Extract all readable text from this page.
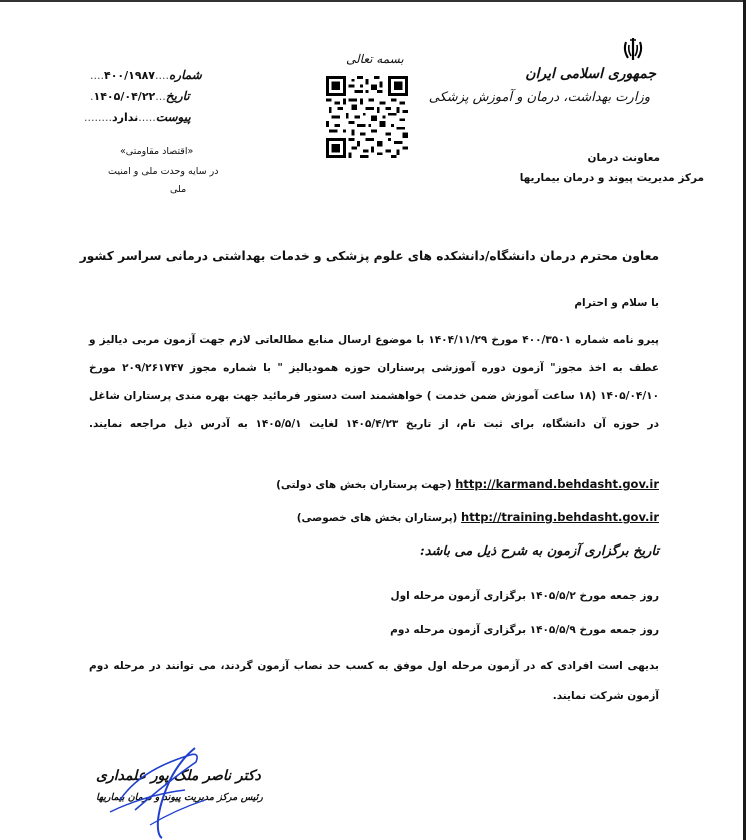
جمهوری اسلامی ایران
وزارت بهداشت، درمان و آموزش پزشکی
معاونت درمان
مرکز مدیریت پیوند و درمان بیماریها
بسمه تعالی
شماره....۴۰۰/۱۹۸۷....
تاریخ...۱۴۰۵/۰۴/۲۲.
پیوست.....ندارد........
«اقتصاد مقاومتی»
در سایه وحدت ملی و امنیت
ملی
معاون محترم درمان دانشگاه/دانشکده های علوم پزشکی و خدمات بهداشتی درمانی سراسر کشور
با سلام و احترام
پیرو نامه شماره ۴۰۰/۳۵۰۱ مورخ ۱۴۰۴/۱۱/۲۹ با موضوع ارسال منابع مطالعاتی لازم جهت آزمون مربی دیالیز و
عطف به اخذ مجوز" آزمون دوره آموزشی پرستاران حوزه همودیالیز " با شماره مجوز ۲۰۹/۲۶۱۷۴۷ مورخ
۱۴۰۵/۰۴/۱۰ (۱۸ ساعت آموزش ضمن خدمت ) خواهشمند است دستور فرمائید جهت بهره مندی پرستاران شاغل
در حوزه آن دانشگاه، برای ثبت نام، از تاریخ ۱۴۰۵/۴/۲۳ لغایت ۱۴۰۵/۵/۱ به آدرس ذیل مراجعه نمایند.
http://karmand.behdasht.gov.ir (جهت پرستاران بخش های دولتی)
http://training.behdasht.gov.ir (پرستاران بخش های خصوصی)
تاریخ برگزاری آزمون به شرح ذیل می باشد:
روز جمعه مورخ ۱۴۰۵/۵/۲ برگزاری آزمون مرحله اول
روز جمعه مورخ ۱۴۰۵/۵/۹ برگزاری آزمون مرحله دوم
بدیهی است افرادی که در آزمون مرحله اول موفق به کسب حد نصاب آزمون گردند، می توانند در مرحله دوم
آزمون شرکت نمایند.
دکتر ناصر ملک پور علمداری
رئیس مرکز مدیریت پیوند و درمان بیماریها
